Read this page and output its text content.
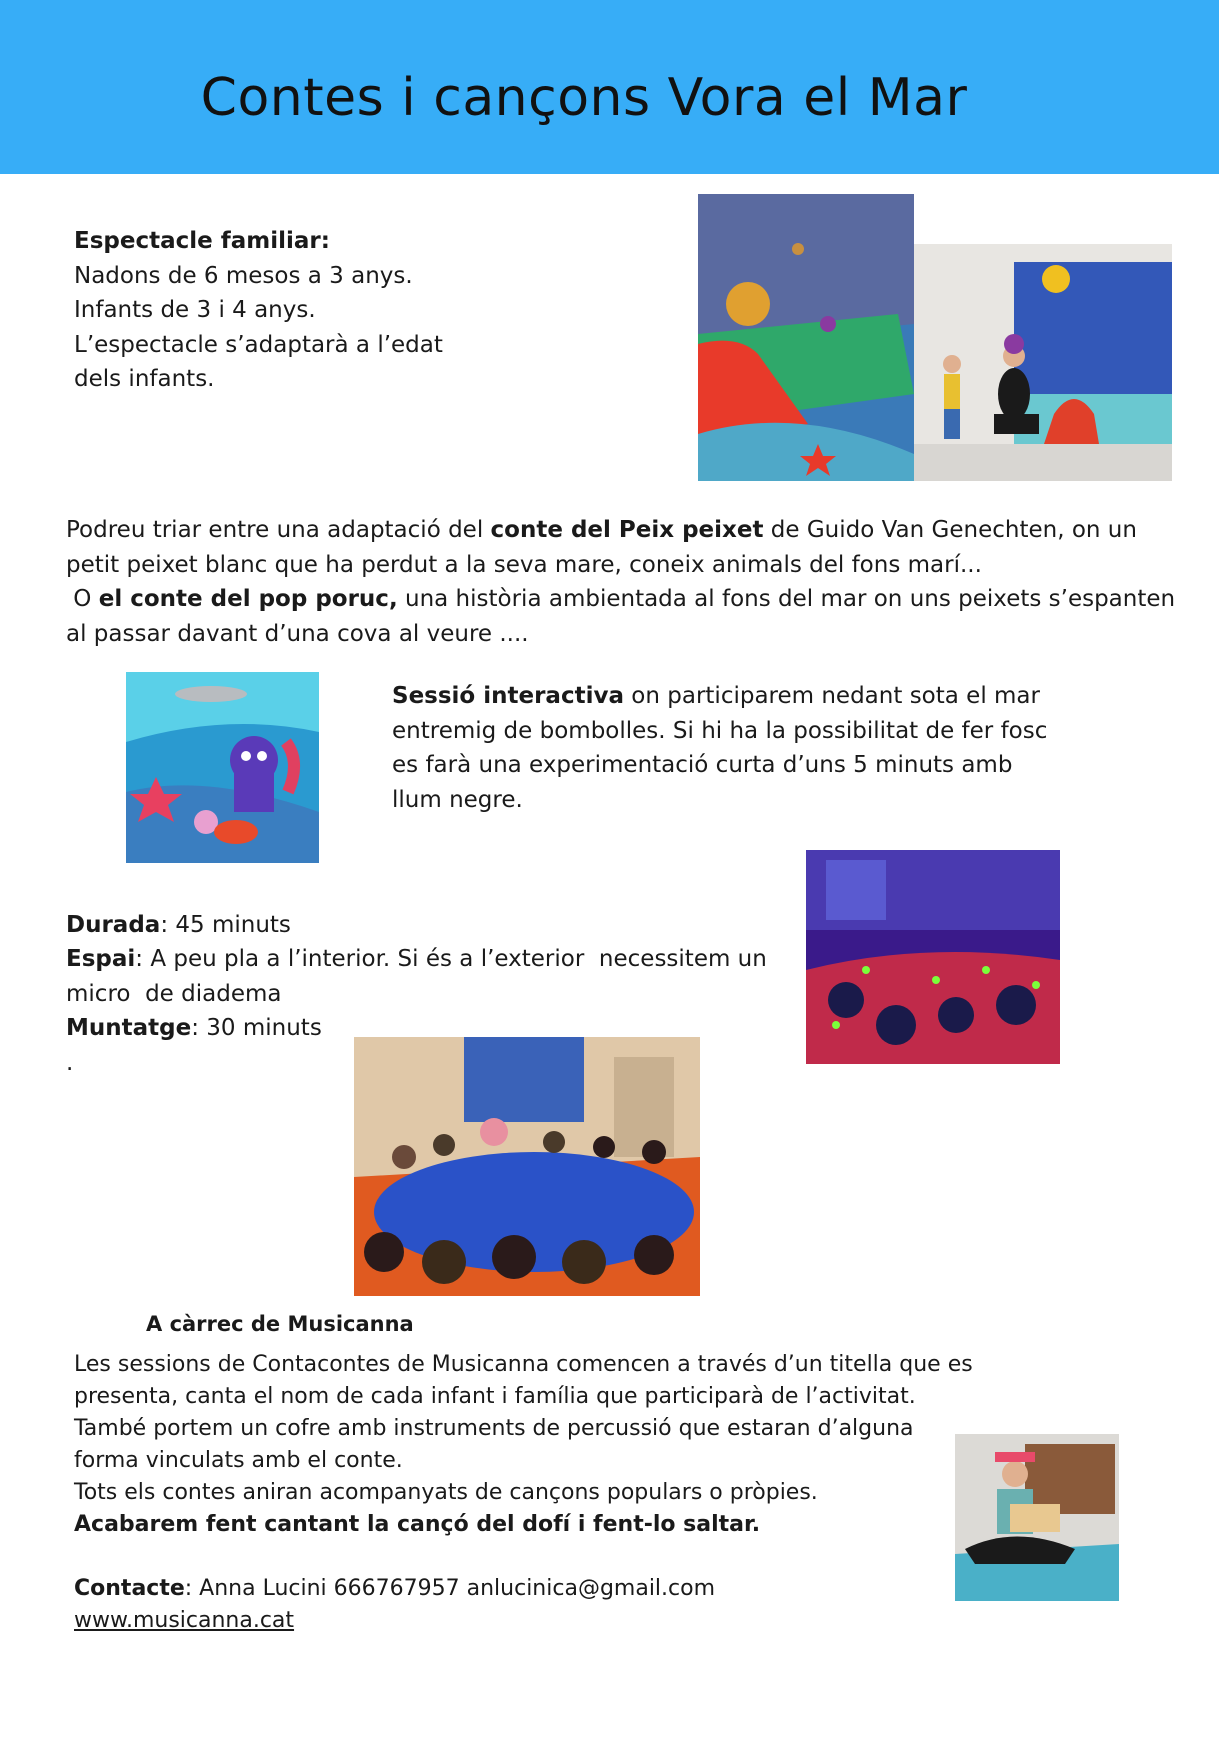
Contes i cançons Vora el Mar
Espectacle familiar:
Nadons de 6 mesos a 3 anys.
Infants de 3 i 4 anys.
L’espectacle s’adaptarà a l’edat
dels infants.
Podreu triar entre una adaptació del conte del Peix peixet de Guido Van Genechten, on un
petit peixet blanc que ha perdut a la seva mare, coneix animals del fons marí...
O el conte del pop poruc, una història ambientada al fons del mar on uns peixets s’espanten
al passar davant d’una cova al veure ....
Sessió interactiva on participarem nedant sota el mar
entremig de bombolles. Si hi ha la possibilitat de fer fosc
es farà una experimentació curta d’uns 5 minuts amb
llum negre.
Durada: 45 minuts
Espai: A peu pla a l’interior. Si és a l’exterior  necessitem un
micro  de diadema
Muntatge: 30 minuts
.
A càrrec de Musicanna
Les sessions de Contacontes de Musicanna comencen a través d’un titella que es
presenta, canta el nom de cada infant i família que participarà de l’activitat.
També portem un cofre amb instruments de percussió que estaran d’alguna
forma vinculats amb el conte.
Tots els contes aniran acompanyats de cançons populars o pròpies.
Acabarem fent cantant la cançó del dofí i fent-lo saltar.
Contacte: Anna Lucini 666767957 anlucinica@gmail.com
www.musicanna.cat
